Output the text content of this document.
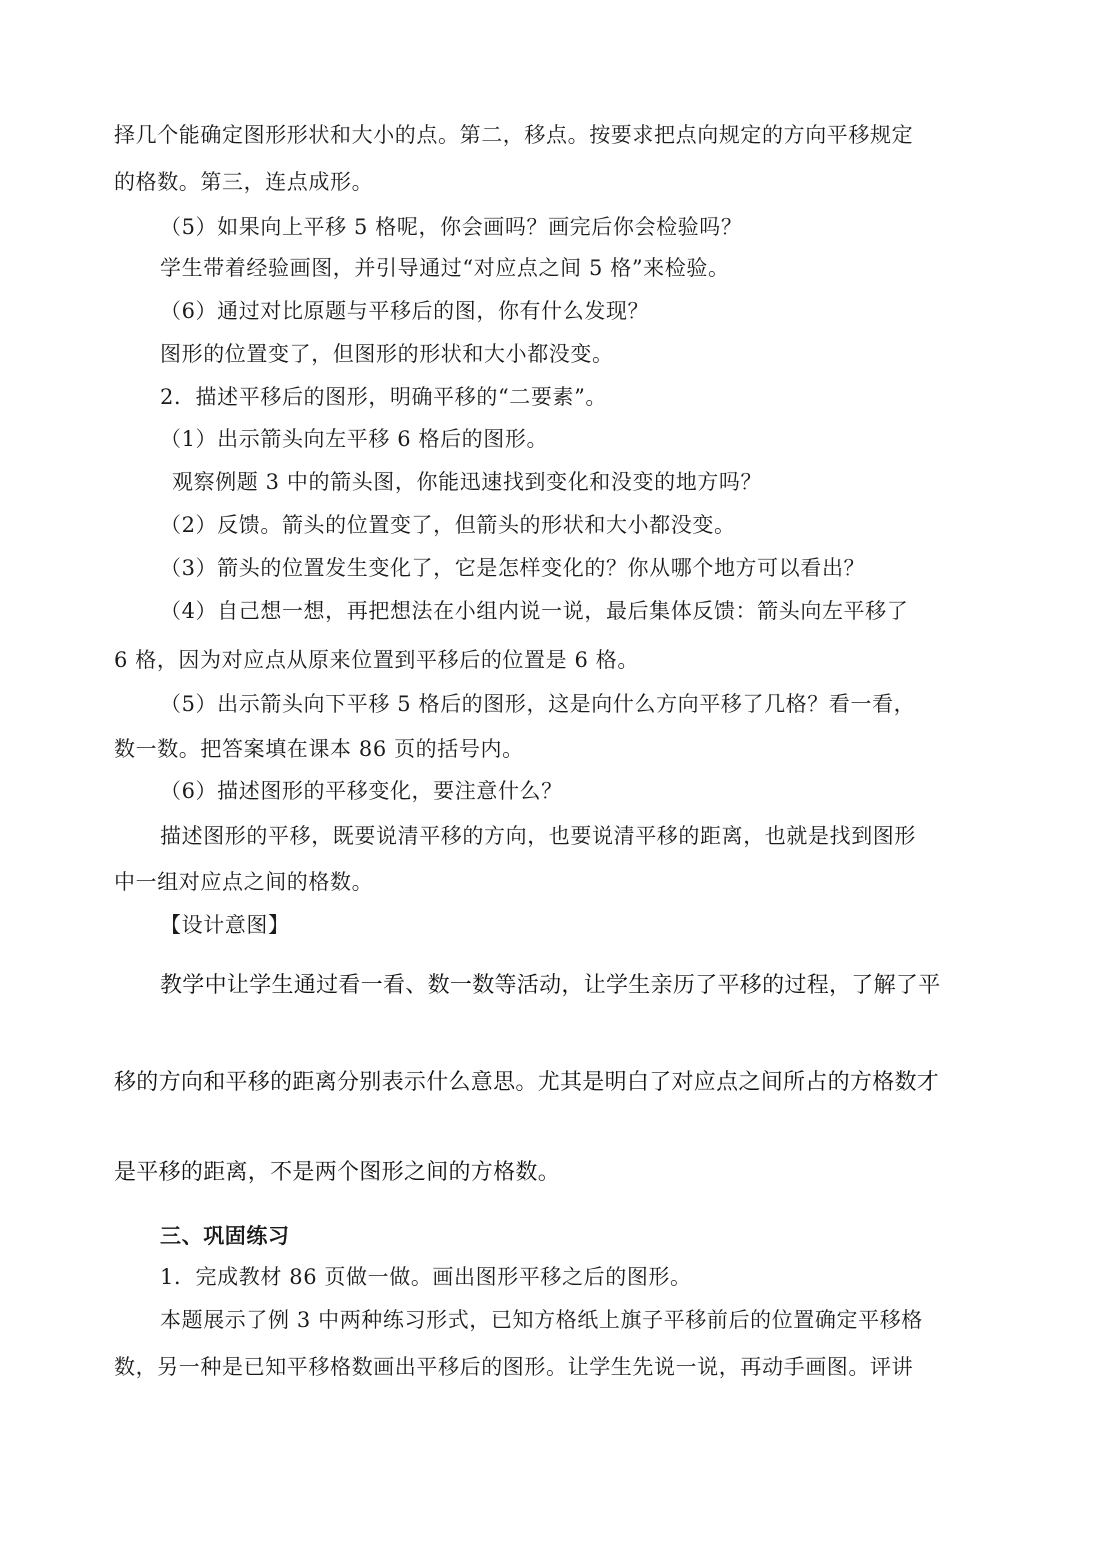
择几个能确定图形形状和大小的点。第二，移点。按要求把点向规定的方向平移规定
的格数。第三，连点成形。
（5）如果向上平移 5 格呢，你会画吗？画完后你会检验吗？
学生带着经验画图，并引导通过“对应点之间 5 格”来检验。
（6）通过对比原题与平移后的图，你有什么发现？
图形的位置变了，但图形的形状和大小都没变。
2．描述平移后的图形，明确平移的“二要素”。
（1）出示箭头向左平移 6 格后的图形。
观察例题 3 中的箭头图，你能迅速找到变化和没变的地方吗？
（2）反馈。箭头的位置变了，但箭头的形状和大小都没变。
（3）箭头的位置发生变化了，它是怎样变化的？你从哪个地方可以看出？
（4）自己想一想，再把想法在小组内说一说，最后集体反馈：箭头向左平移了
6 格，因为对应点从原来位置到平移后的位置是 6 格。
（5）出示箭头向下平移 5 格后的图形，这是向什么方向平移了几格？看一看，
数一数。把答案填在课本 86 页的括号内。
（6）描述图形的平移变化，要注意什么？
描述图形的平移，既要说清平移的方向，也要说清平移的距离，也就是找到图形
中一组对应点之间的格数。
【设计意图】
教学中让学生通过看一看、数一数等活动，让学生亲历了平移的过程，了解了平
移的方向和平移的距离分别表示什么意思。尤其是明白了对应点之间所占的方格数才
是平移的距离，不是两个图形之间的方格数。
三、巩固练习
1．完成教材 86 页做一做。画出图形平移之后的图形。
本题展示了例 3 中两种练习形式，已知方格纸上旗子平移前后的位置确定平移格
数，另一种是已知平移格数画出平移后的图形。让学生先说一说，再动手画图。评讲
